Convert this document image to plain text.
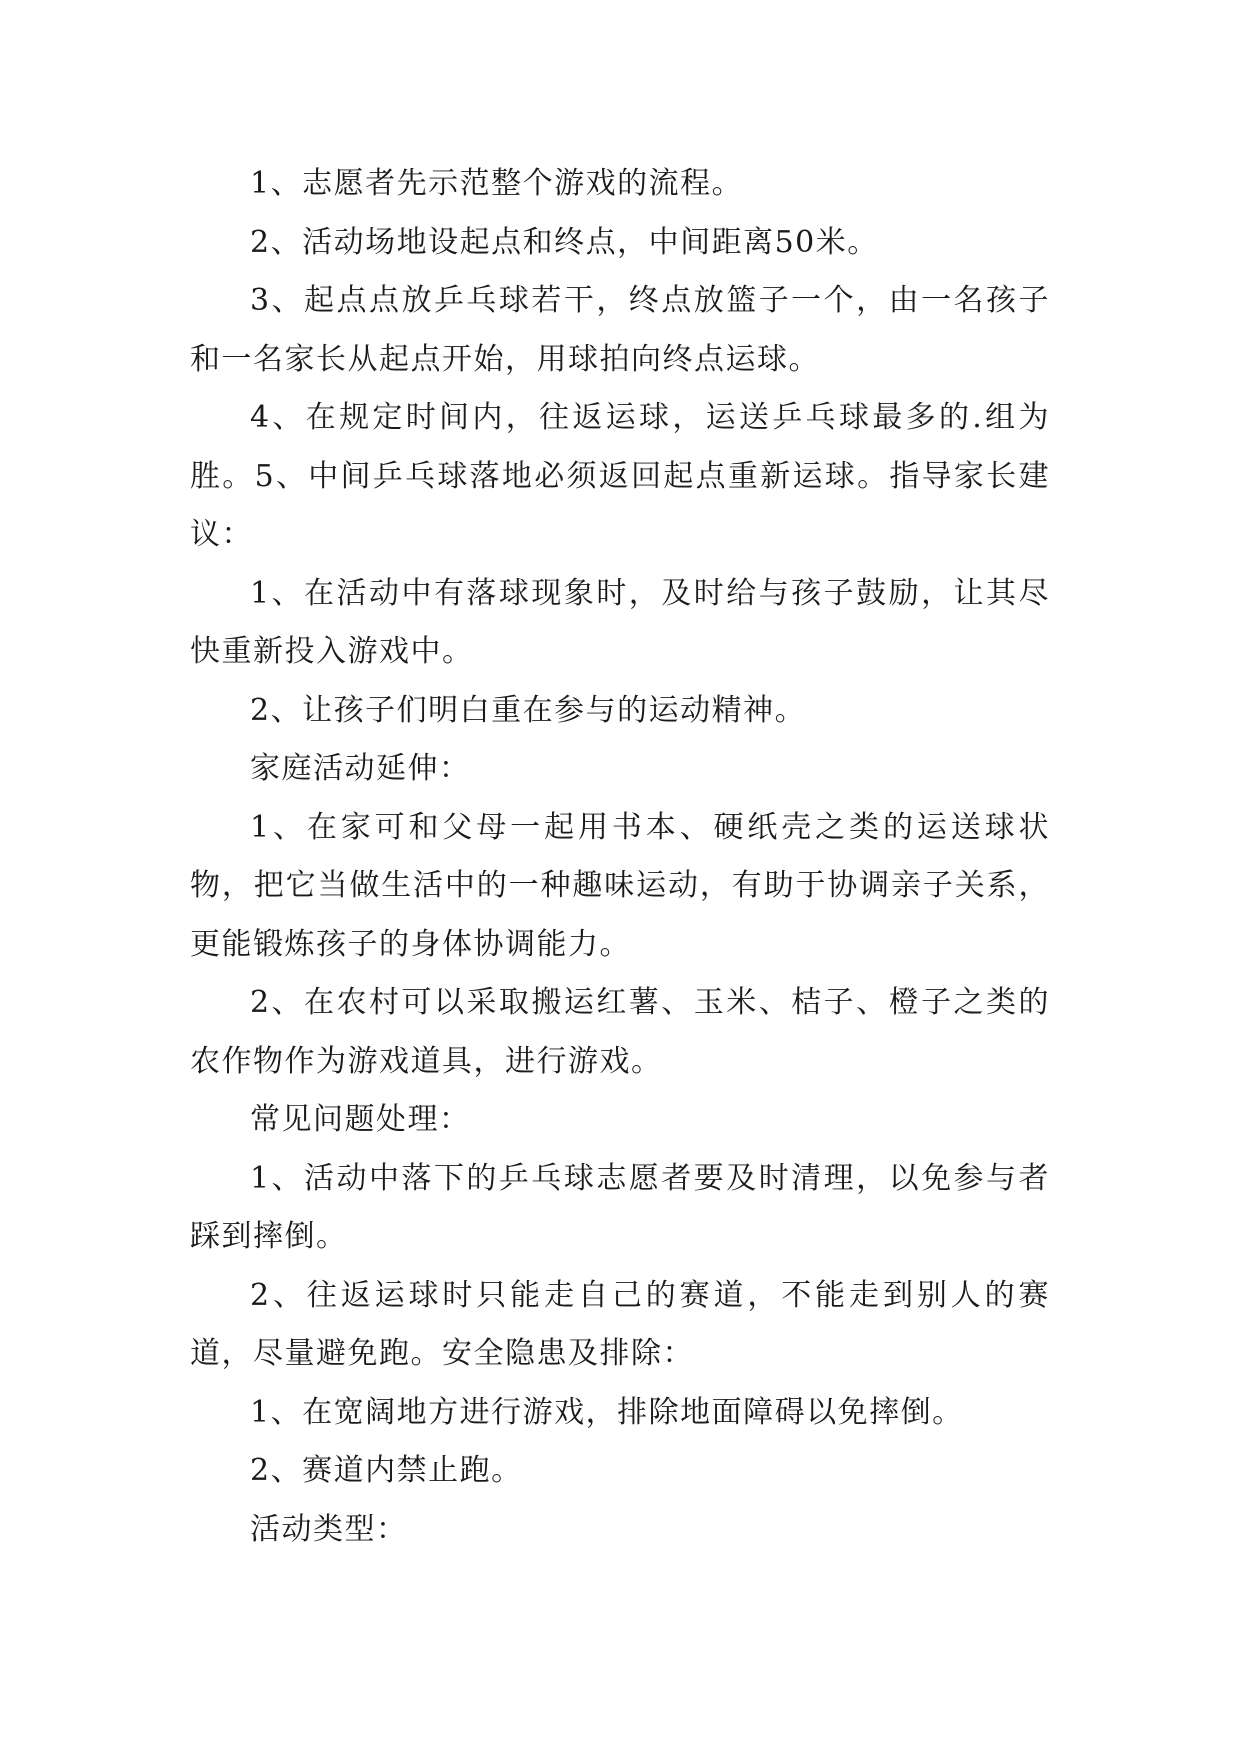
1、志愿者先示范整个游戏的流程。

2、活动场地设起点和终点，中间距离50米。

3、起点点放乒乓球若干，终点放篮子一个，由一名孩子和一名家长从起点开始，用球拍向终点运球。

4、在规定时间内，往返运球，运送乒乓球最多的.组为胜。5、中间乒乓球落地必须返回起点重新运球。指导家长建议：

1、在活动中有落球现象时，及时给与孩子鼓励，让其尽快重新投入游戏中。

2、让孩子们明白重在参与的运动精神。

家庭活动延伸：

1、在家可和父母一起用书本、硬纸壳之类的运送球状物，把它当做生活中的一种趣味运动，有助于协调亲子关系，更能锻炼孩子的身体协调能力。

2、在农村可以采取搬运红薯、玉米、桔子、橙子之类的农作物作为游戏道具，进行游戏。

常见问题处理：

1、活动中落下的乒乓球志愿者要及时清理，以免参与者踩到摔倒。

2、往返运球时只能走自己的赛道，不能走到别人的赛道，尽量避免跑。安全隐患及排除：

1、在宽阔地方进行游戏，排除地面障碍以免摔倒。

2、赛道内禁止跑。

活动类型：
